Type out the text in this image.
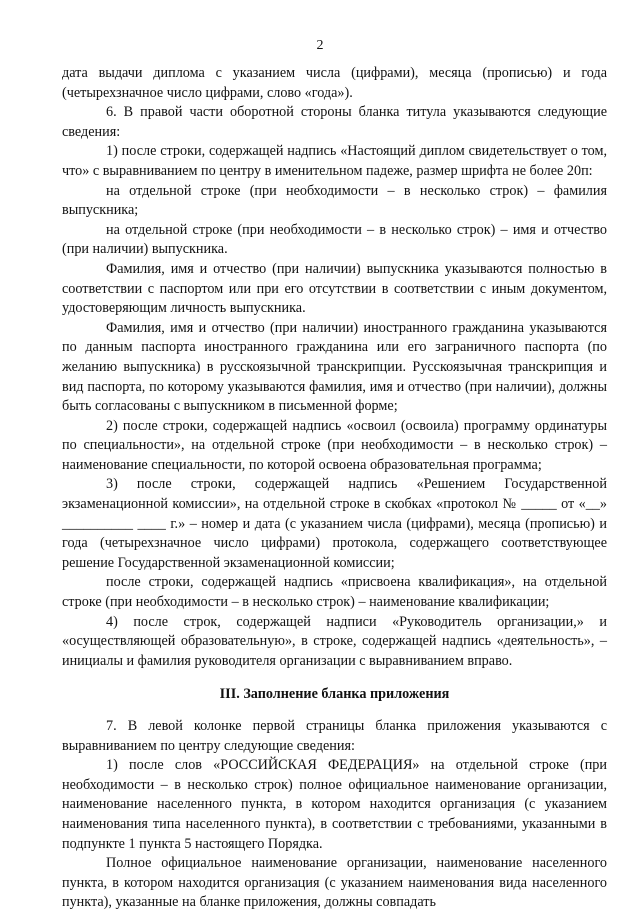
2

дата выдачи диплома с указанием числа (цифрами), месяца (прописью) и года (четырехзначное число цифрами, слово «года»).

6. В правой части оборотной стороны бланка титула указываются следующие сведения:

1) после строки, содержащей надпись «Настоящий диплом свидетельствует о том, что» с выравниванием по центру в именительном падеже, размер шрифта не более 20п:

на отдельной строке (при необходимости – в несколько строк) – фамилия выпускника;

на отдельной строке (при необходимости – в несколько строк) – имя и отчество (при наличии) выпускника.

Фамилия, имя и отчество (при наличии) выпускника указываются полностью в соответствии с паспортом или при его отсутствии в соответствии с иным документом, удостоверяющим личность выпускника.

Фамилия, имя и отчество (при наличии) иностранного гражданина указываются по данным паспорта иностранного гражданина или его заграничного паспорта (по желанию выпускника) в русскоязычной транскрипции. Русскоязычная транскрипция и вид паспорта, по которому указываются фамилия, имя и отчество (при наличии), должны быть согласованы с выпускником в письменной форме;

2) после строки, содержащей надпись «освоил (освоила) программу ординатуры по специальности», на отдельной строке (при необходимости – в несколько строк) – наименование специальности, по которой освоена образовательная программа;

3) после строки, содержащей надпись «Решением Государственной экзаменационной комиссии», на отдельной строке в скобках «протокол № _____ от «__» __________ ____ г.» – номер и дата (с указанием числа (цифрами), месяца (прописью) и года (четырехзначное число цифрами) протокола, содержащего соответствующее решение Государственной экзаменационной комиссии;

после строки, содержащей надпись «присвоена квалификация», на отдельной строке (при необходимости – в несколько строк) – наименование квалификации;

4) после строк, содержащей надписи «Руководитель организации,» и «осуществляющей образовательную», в строке, содержащей надпись «деятельность», – инициалы и фамилия руководителя организации с выравниванием вправо.

III. Заполнение бланка приложения

7. В левой колонке первой страницы бланка приложения указываются с выравниванием по центру следующие сведения:

1) после слов «РОССИЙСКАЯ ФЕДЕРАЦИЯ» на отдельной строке (при необходимости – в несколько строк) полное официальное наименование организации, наименование населенного пункта, в котором находится организация (с указанием наименования типа населенного пункта), в соответствии с требованиями, указанными в подпункте 1 пункта 5 настоящего Порядка.

Полное официальное наименование организации, наименование населенного пункта, в котором находится организация (с указанием наименования вида населенного пункта), указанные на бланке приложения, должны совпадать
